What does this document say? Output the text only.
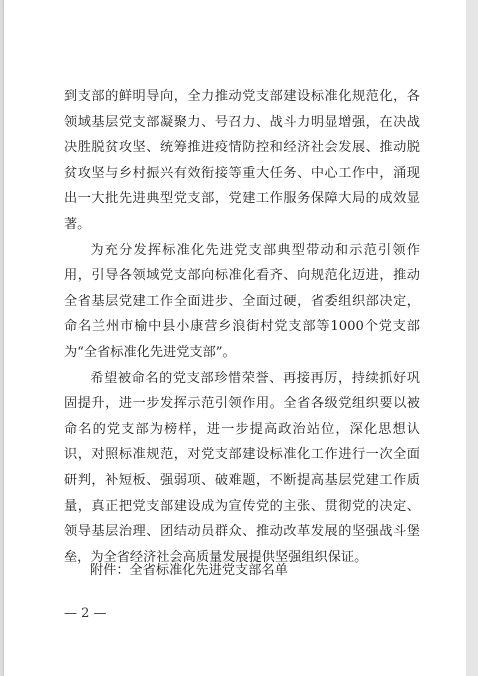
到支部的鲜明导向，全力推动党支部建设标准化规范化，各领域基层党支部凝聚力、号召力、战斗力明显增强，在决战决胜脱贫攻坚、统筹推进疫情防控和经济社会发展、推动脱贫攻坚与乡村振兴有效衔接等重大任务、中心工作中，涌现出一大批先进典型党支部，党建工作服务保障大局的成效显著。

为充分发挥标准化先进党支部典型带动和示范引领作用，引导各领域党支部向标准化看齐、向规范化迈进，推动全省基层党建工作全面进步、全面过硬，省委组织部决定，命名兰州市榆中县小康营乡浪街村党支部等1000个党支部为“全省标准化先进党支部”。

希望被命名的党支部珍惜荣誉、再接再厉，持续抓好巩固提升，进一步发挥示范引领作用。全省各级党组织要以被命名的党支部为榜样，进一步提高政治站位，深化思想认识，对照标准规范，对党支部建设标准化工作进行一次全面研判，补短板、强弱项、破难题，不断提高基层党建工作质量，真正把党支部建设成为宣传党的主张、贯彻党的决定、领导基层治理、团结动员群众、推动改革发展的坚强战斗堡垒，为全省经济社会高质量发展提供坚强组织保证。

附件：全省标准化先进党支部名单
— 2 —
